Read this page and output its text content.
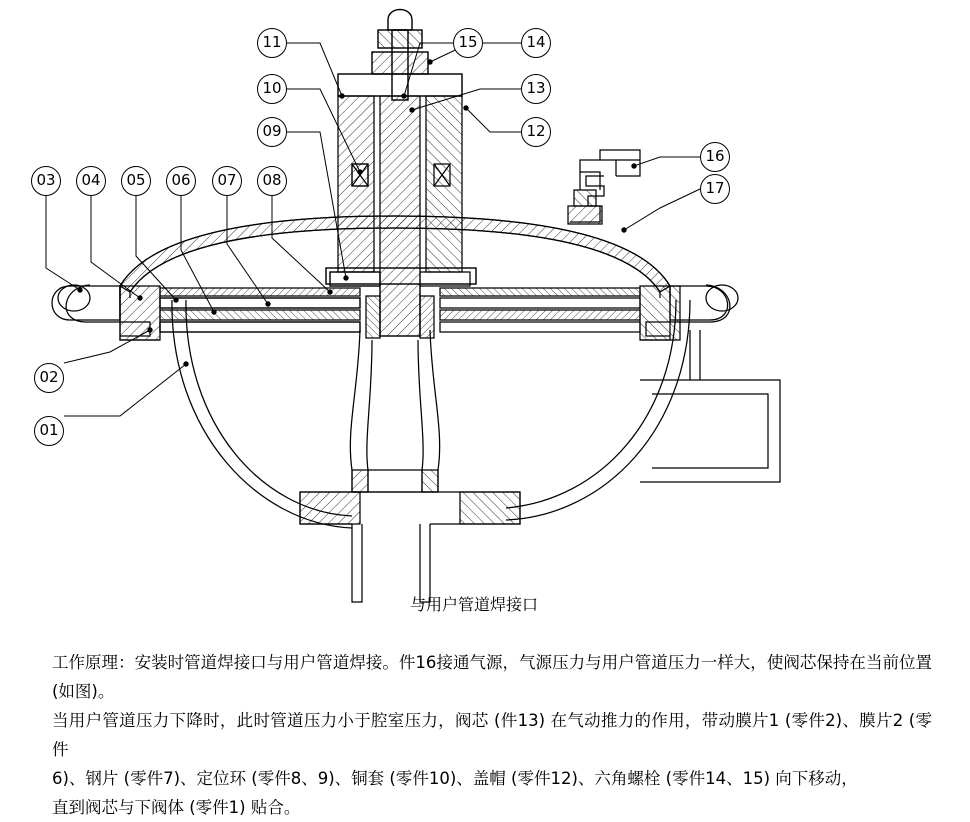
01
02
03	04	05	06	07	08
09
10
11
12
13
14
15
16
17
与用户管道焊接口

工作原理：安装时管道焊接口与用户管道焊接。件16接通气源，气源压力与用户管道压力一样大，使阀芯保持在当前位置 (如图)。

当用户管道压力下降时，此时管道压力小于腔室压力，阀芯 (件13) 在气动推力的作用，带动膜片1 (零件2)、膜片2 (零件

6)、钢片 (零件7)、定位环 (零件8、9)、铜套 (零件10)、盖帽 (零件12)、六角螺栓 (零件14、15) 向下移动，

直到阀芯与下阀体 (零件1) 贴合。
